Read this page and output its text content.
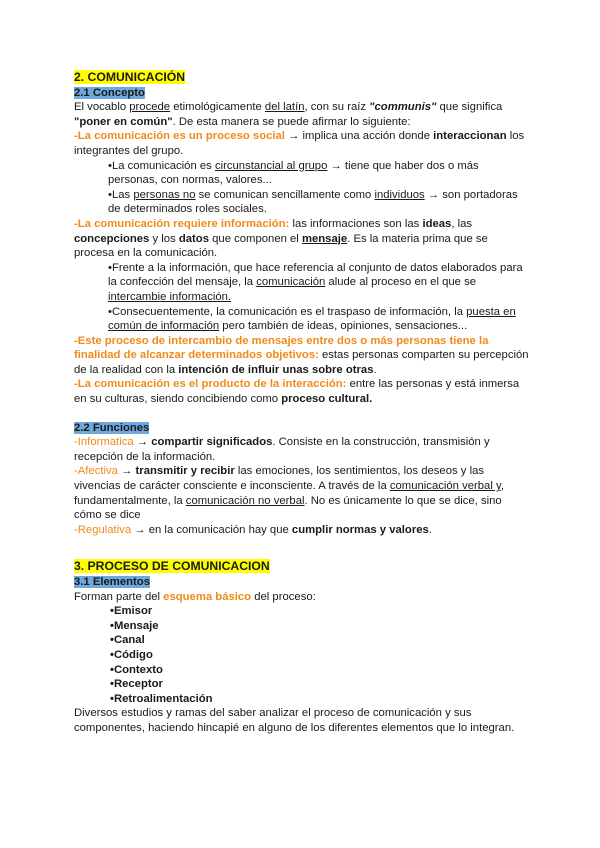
2. COMUNICACIÓN

2.1 Concepto

El vocablo procede etimológicamente del latín, con su raíz "communis" que significa "poner en común". De esta manera se puede afirmar lo siguiente:

-La comunicación es un proceso social → implica una acción donde interaccionan los integrantes del grupo.

•La comunicación es circunstancial al grupo → tiene que haber dos o más personas, con normas, valores...

•Las personas no se comunican sencillamente como individuos → son portadoras de determinados roles sociales.

-La comunicación requiere información: las informaciones son las ideas, las concepciones y los datos que componen el mensaje. Es la materia prima que se procesa en la comunicación.

•Frente a la información, que hace referencia al conjunto de datos elaborados para la confección del mensaje, la comunicación alude al proceso en el que se intercambie información.

•Consecuentemente, la comunicación es el traspaso de información, la puesta en común de información pero también de ideas, opiniones, sensaciones...

-Este proceso de intercambio de mensajes entre dos o más personas tiene la finalidad de alcanzar determinados objetivos: estas personas comparten su percepción de la realidad con la intención de influir unas sobre otras.

-La comunicación es el producto de la interacción: entre las personas y está inmersa en su culturas, siendo concibiendo como proceso cultural.

2.2 Funciones

-Informatica → compartir significados. Consiste en la construcción, transmisión y recepción de la información.

-Afectiva → transmitir y recibir las emociones, los sentimientos, los deseos y las vivencias de carácter consciente e inconsciente. A través de la comunicación verbal y, fundamentalmente, la comunicación no verbal. No es únicamente lo que se dice, sino cómo se dice

-Regulativa → en la comunicación hay que cumplir normas y valores.

3. PROCESO DE COMUNICACION

3.1 Elementos

Forman parte del esquema básico del proceso:

•Emisor

•Mensaje

•Canal

•Código

•Contexto

•Receptor

•Retroalimentación

Diversos estudios y ramas del saber analizar el proceso de comunicación y sus componentes, haciendo hincapié en alguno de los diferentes elementos que lo integran.
